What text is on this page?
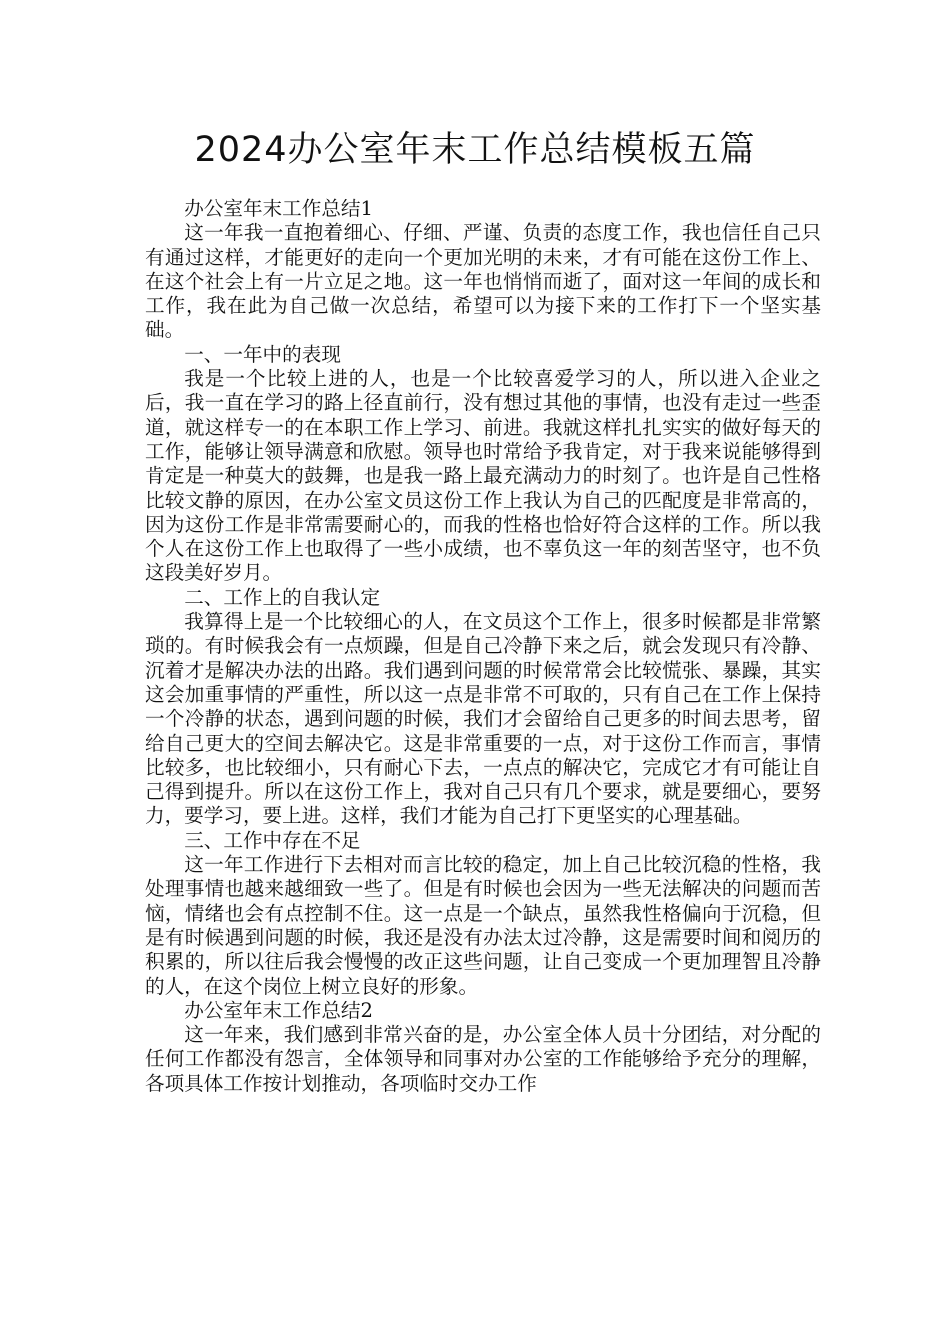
2024办公室年末工作总结模板五篇

办公室年末工作总结1

这一年我一直抱着细心、仔细、严谨、负责的态度工作，我也信任自己只有通过这样，才能更好的走向一个更加光明的未来，才有可能在这份工作上、在这个社会上有一片立足之地。这一年也悄悄而逝了，面对这一年间的成长和工作，我在此为自己做一次总结，希望可以为接下来的工作打下一个坚实基础。

一、一年中的表现

我是一个比较上进的人，也是一个比较喜爱学习的人，所以进入企业之后，我一直在学习的路上径直前行，没有想过其他的事情，也没有走过一些歪道，就这样专一的在本职工作上学习、前进。我就这样扎扎实实的做好每天的工作，能够让领导满意和欣慰。领导也时常给予我肯定，对于我来说能够得到肯定是一种莫大的鼓舞，也是我一路上最充满动力的时刻了。也许是自己性格比较文静的原因，在办公室文员这份工作上我认为自己的匹配度是非常高的，因为这份工作是非常需要耐心的，而我的性格也恰好符合这样的工作。所以我个人在这份工作上也取得了一些小成绩，也不辜负这一年的刻苦坚守，也不负这段美好岁月。

二、工作上的自我认定

我算得上是一个比较细心的人，在文员这个工作上，很多时候都是非常繁琐的。有时候我会有一点烦躁，但是自己冷静下来之后，就会发现只有冷静、沉着才是解决办法的出路。我们遇到问题的时候常常会比较慌张、暴躁，其实这会加重事情的严重性，所以这一点是非常不可取的，只有自己在工作上保持一个冷静的状态，遇到问题的时候，我们才会留给自己更多的时间去思考，留给自己更大的空间去解决它。这是非常重要的一点，对于这份工作而言，事情比较多，也比较细小，只有耐心下去，一点点的解决它，完成它才有可能让自己得到提升。所以在这份工作上，我对自己只有几个要求，就是要细心，要努力，要学习，要上进。这样，我们才能为自己打下更坚实的心理基础。

三、工作中存在不足

这一年工作进行下去相对而言比较的稳定，加上自己比较沉稳的性格，我处理事情也越来越细致一些了。但是有时候也会因为一些无法解决的问题而苦恼，情绪也会有点控制不住。这一点是一个缺点，虽然我性格偏向于沉稳，但是有时候遇到问题的时候，我还是没有办法太过冷静，这是需要时间和阅历的积累的，所以往后我会慢慢的改正这些问题，让自己变成一个更加理智且冷静的人，在这个岗位上树立良好的形象。

办公室年末工作总结2

这一年来，我们感到非常兴奋的是，办公室全体人员十分团结，对分配的任何工作都没有怨言，全体领导和同事对办公室的工作能够给予充分的理解，各项具体工作按计划推动，各项临时交办工作
